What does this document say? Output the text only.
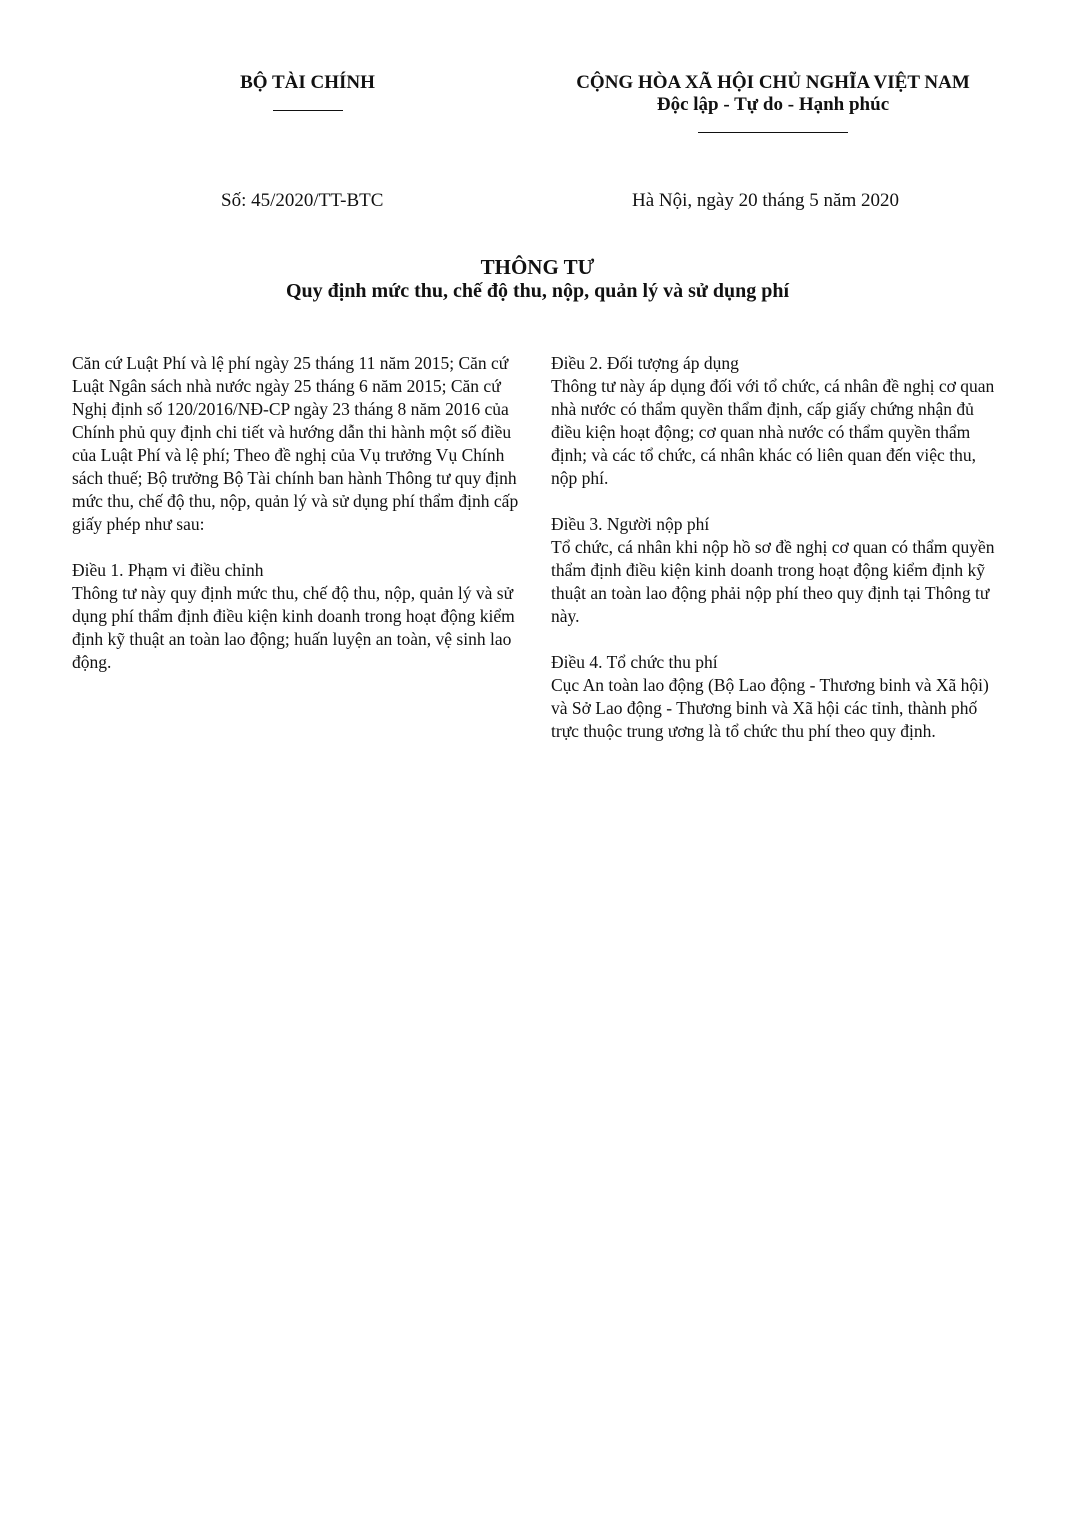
BỘ TÀI CHÍNH	CỘNG HÒA XÃ HỘI CHỦ NGHĨA VIỆT NAM
Độc lập - Tự do - Hạnh phúc
Số: 45/2020/TT-BTC	Hà Nội, ngày 20 tháng 5 năm 2020
THÔNG TƯ
Quy định mức thu, chế độ thu, nộp, quản lý và sử dụng phí

Căn cứ Luật Phí và lệ phí ngày 25 tháng 11 năm 2015; Căn cứ Luật Ngân sách nhà nước ngày 25 tháng 6 năm 2015; Căn cứ Nghị định số 120/2016/NĐ-CP ngày 23 tháng 8 năm 2016 của Chính phủ quy định chi tiết và hướng dẫn thi hành một số điều của Luật Phí và lệ phí; Theo đề nghị của Vụ trưởng Vụ Chính sách thuế; Bộ trưởng Bộ Tài chính ban hành Thông tư quy định mức thu, chế độ thu, nộp, quản lý và sử dụng phí thẩm định cấp giấy phép như sau:

Điều 1. Phạm vi điều chỉnh

Thông tư này quy định mức thu, chế độ thu, nộp, quản lý và sử dụng phí thẩm định điều kiện kinh doanh trong hoạt động kiểm định kỹ thuật an toàn lao động; huấn luyện an toàn, vệ sinh lao động.

Điều 2. Đối tượng áp dụng

Thông tư này áp dụng đối với tổ chức, cá nhân đề nghị cơ quan nhà nước có thẩm quyền thẩm định, cấp giấy chứng nhận đủ điều kiện hoạt động; cơ quan nhà nước có thẩm quyền thẩm định; và các tổ chức, cá nhân khác có liên quan đến việc thu, nộp phí.

Điều 3. Người nộp phí

Tổ chức, cá nhân khi nộp hồ sơ đề nghị cơ quan có thẩm quyền thẩm định điều kiện kinh doanh trong hoạt động kiểm định kỹ thuật an toàn lao động phải nộp phí theo quy định tại Thông tư này.

Điều 4. Tổ chức thu phí

Cục An toàn lao động (Bộ Lao động - Thương binh và Xã hội) và Sở Lao động - Thương binh và Xã hội các tỉnh, thành phố trực thuộc trung ương là tổ chức thu phí theo quy định.
